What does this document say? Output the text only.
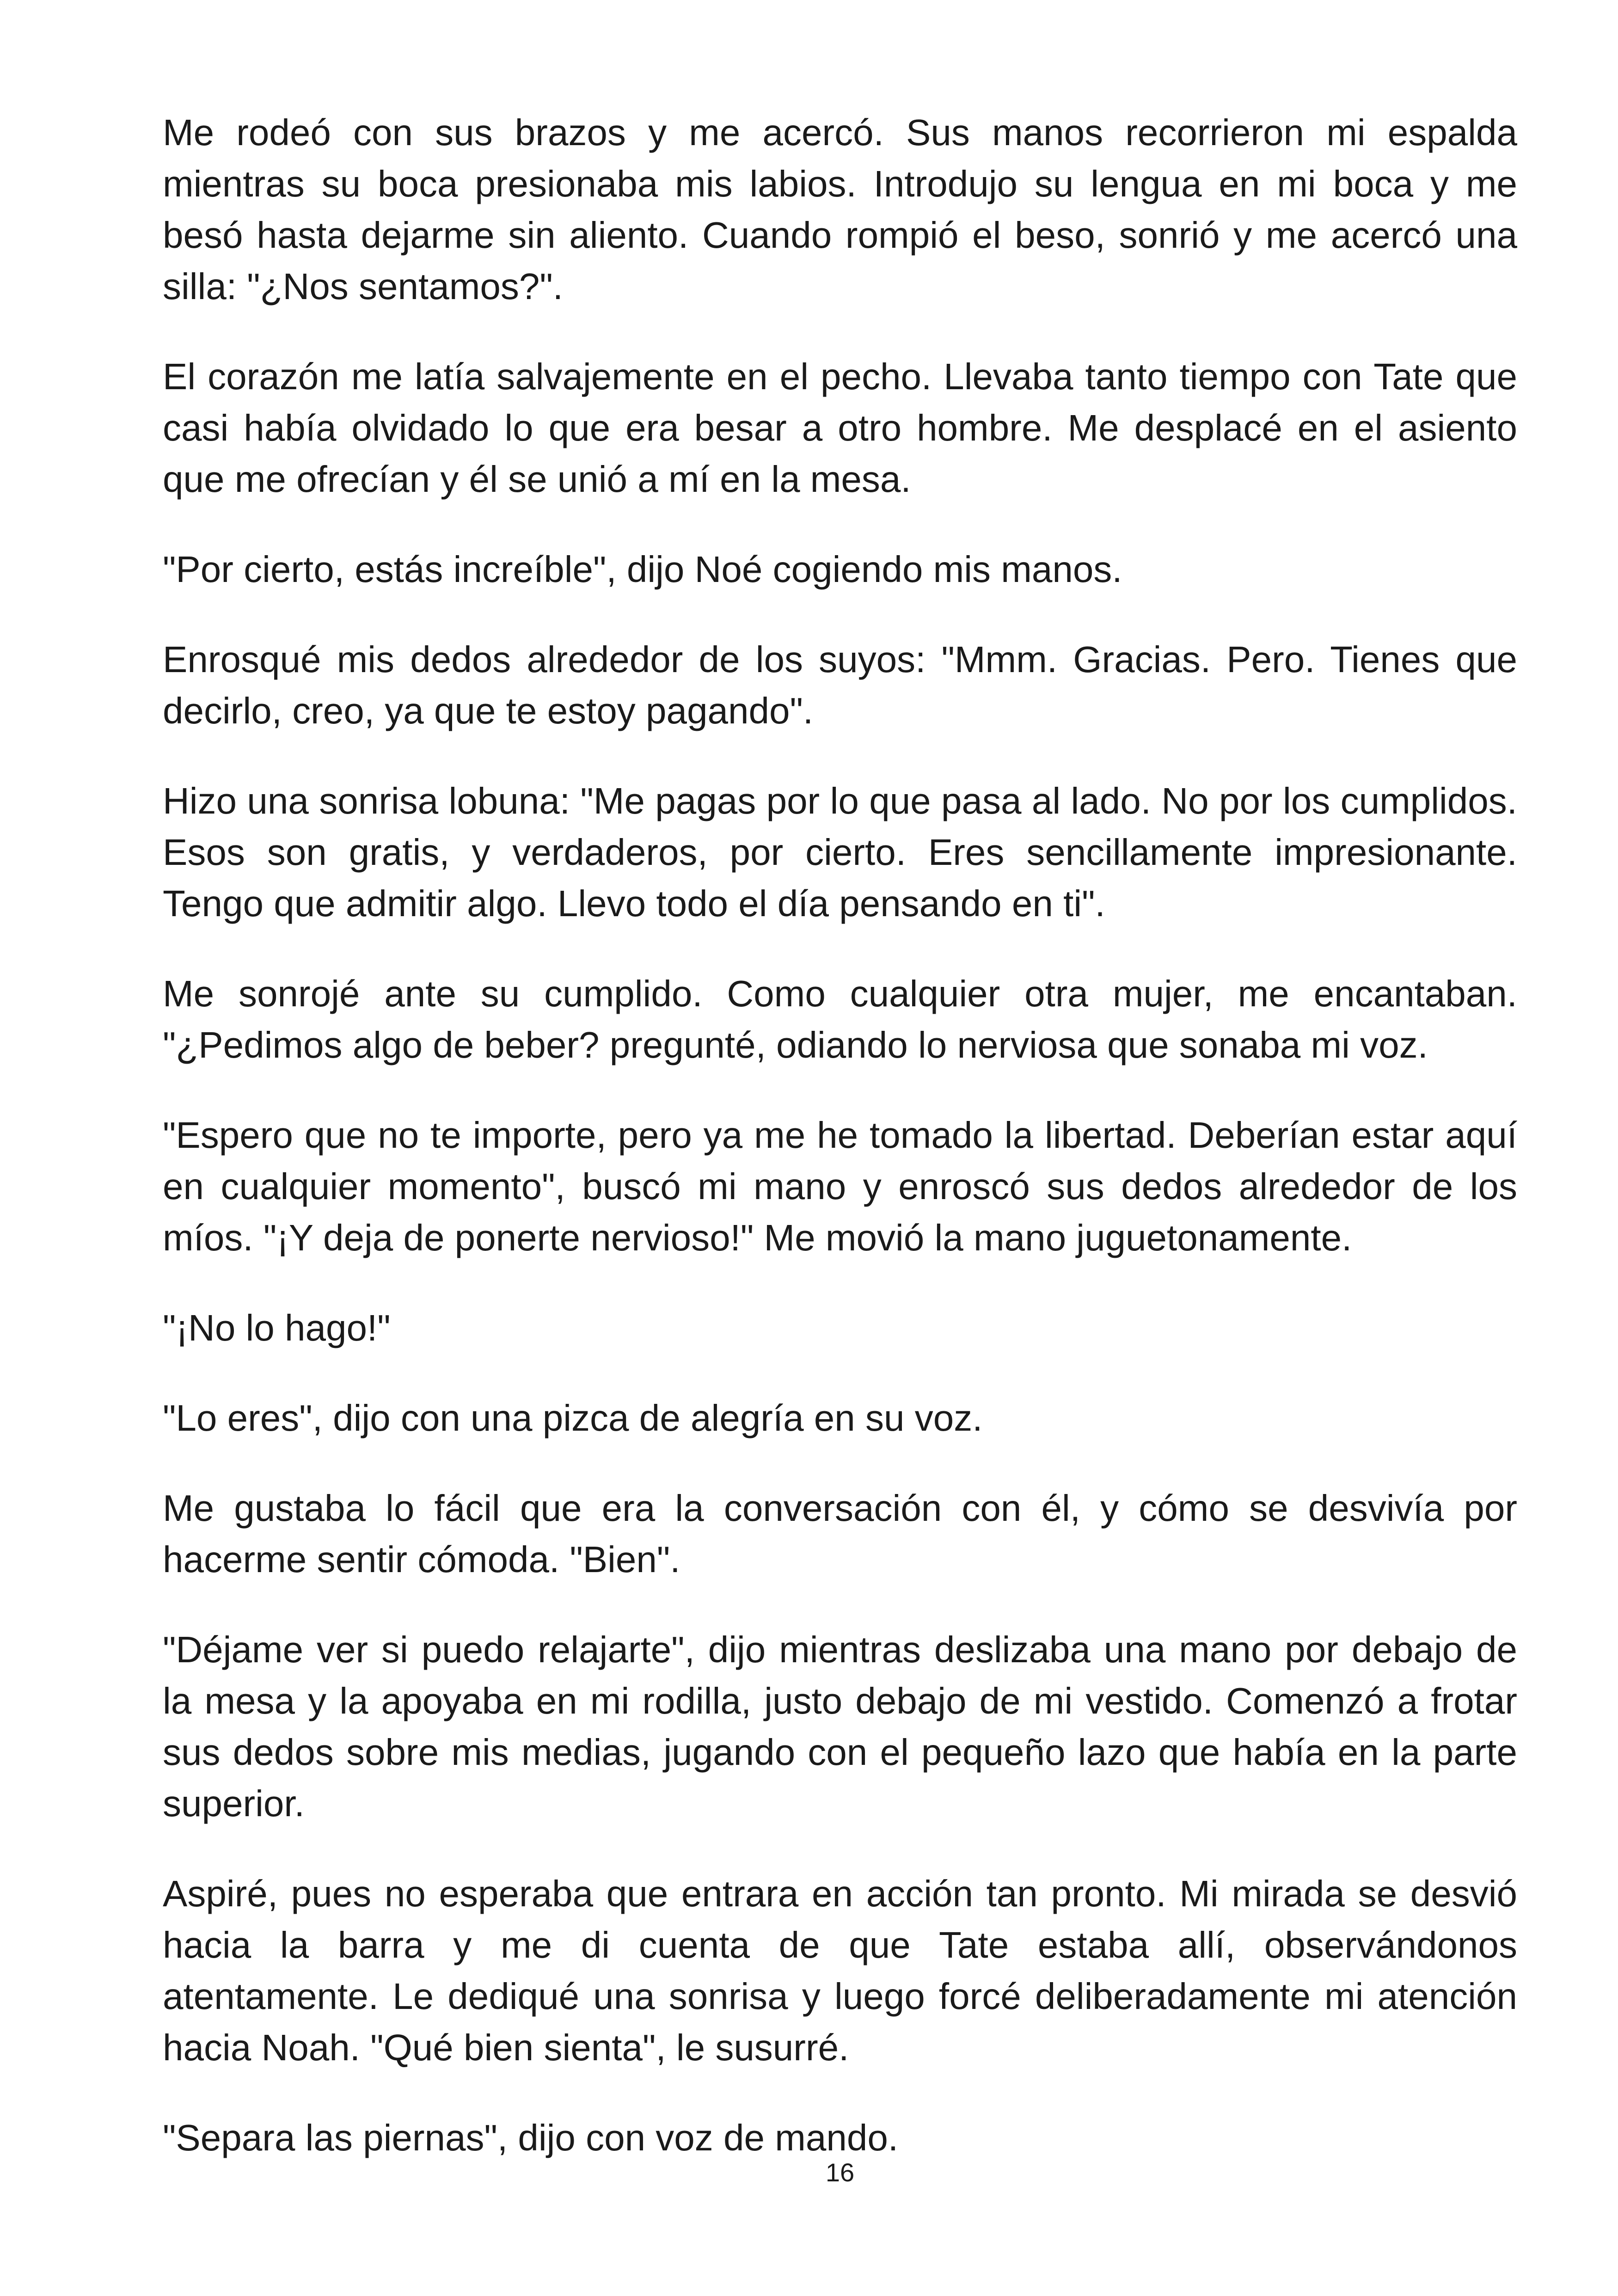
Me rodeó con sus brazos y me acercó. Sus manos recorrieron mi espalda mientras su boca presionaba mis labios. Introdujo su lengua en mi boca y me besó hasta dejarme sin aliento. Cuando rompió el beso, sonrió y me acercó una silla: "¿Nos sentamos?".

El corazón me latía salvajemente en el pecho. Llevaba tanto tiempo con Tate que casi había olvidado lo que era besar a otro hombre. Me desplacé en el asiento que me ofrecían y él se unió a mí en la mesa.

"Por cierto, estás increíble", dijo Noé cogiendo mis manos.

Enrosqué mis dedos alrededor de los suyos: "Mmm. Gracias. Pero. Tienes que decirlo, creo, ya que te estoy pagando".

Hizo una sonrisa lobuna: "Me pagas por lo que pasa al lado. No por los cumplidos. Esos son gratis, y verdaderos, por cierto. Eres sencillamente impresionante. Tengo que admitir algo. Llevo todo el día pensando en ti".

Me sonrojé ante su cumplido. Como cualquier otra mujer, me encantaban. "¿Pedimos algo de beber? pregunté, odiando lo nerviosa que sonaba mi voz.

"Espero que no te importe, pero ya me he tomado la libertad. Deberían estar aquí en cualquier momento", buscó mi mano y enroscó sus dedos alrededor de los míos. "¡Y deja de ponerte nervioso!" Me movió la mano juguetonamente.

"¡No lo hago!"

"Lo eres", dijo con una pizca de alegría en su voz.

Me gustaba lo fácil que era la conversación con él, y cómo se desvivía por hacerme sentir cómoda. "Bien".

"Déjame ver si puedo relajarte", dijo mientras deslizaba una mano por debajo de la mesa y la apoyaba en mi rodilla, justo debajo de mi vestido. Comenzó a frotar sus dedos sobre mis medias, jugando con el pequeño lazo que había en la parte superior.

Aspiré, pues no esperaba que entrara en acción tan pronto. Mi mirada se desvió hacia la barra y me di cuenta de que Tate estaba allí, observándonos atentamente. Le dediqué una sonrisa y luego forcé deliberadamente mi atención hacia Noah. "Qué bien sienta", le susurré.

"Separa las piernas", dijo con voz de mando.

16
